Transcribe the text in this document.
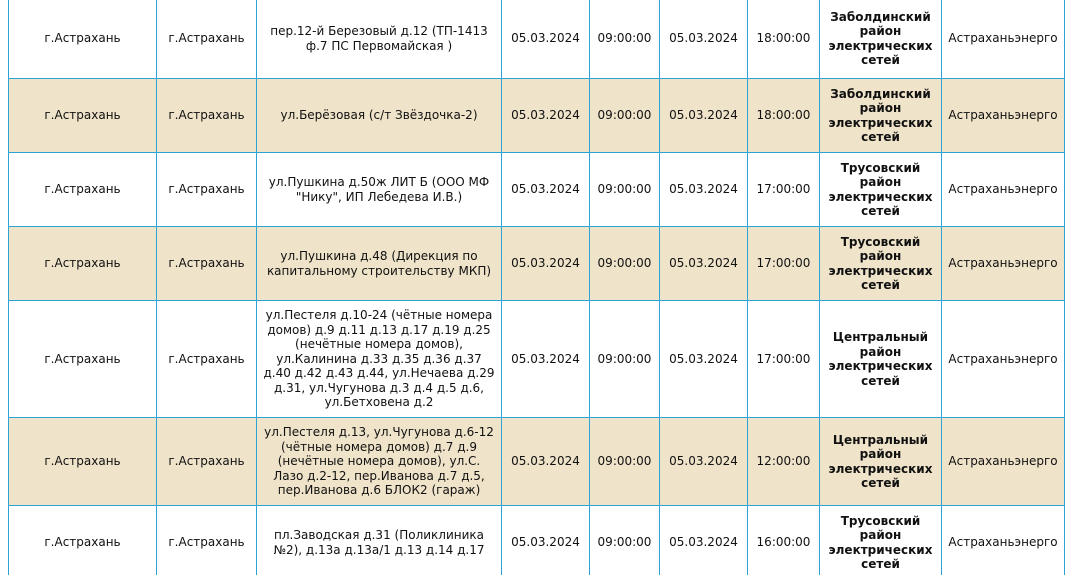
г.Астрахань	г.Астрахань	пер.12-й Березовый д.12 (ТП-1413 ф.7 ПС Первомайская )	05.03.2024	09:00:00	05.03.2024	18:00:00	Заболдинский район электрических сетей	Астраханьэнерго
г.Астрахань	г.Астрахань	ул.Берёзовая (с/т Звёздочка-2)	05.03.2024	09:00:00	05.03.2024	18:00:00	Заболдинский район электрических сетей	Астраханьэнерго
г.Астрахань	г.Астрахань	ул.Пушкина д.50ж ЛИТ Б (ООО МФ "Нику", ИП Лебедева И.В.)	05.03.2024	09:00:00	05.03.2024	17:00:00	Трусовский район электрических сетей	Астраханьэнерго
г.Астрахань	г.Астрахань	ул.Пушкина д.48 (Дирекция по капитальному строительству МКП)	05.03.2024	09:00:00	05.03.2024	17:00:00	Трусовский район электрических сетей	Астраханьэнерго
г.Астрахань	г.Астрахань	ул.Пестеля д.10-24 (чётные номера домов) д.9 д.11 д.13 д.17 д.19 д.25 (нечётные номера домов), ул.Калинина д.33 д.35 д.36 д.37 д.40 д.42 д.43 д.44, ул.Нечаева д.29 д.31, ул.Чугунова д.3 д.4 д.5 д.6, ул.Бетховена д.2	05.03.2024	09:00:00	05.03.2024	17:00:00	Центральный район электрических сетей	Астраханьэнерго
г.Астрахань	г.Астрахань	ул.Пестеля д.13, ул.Чугунова д.6-12 (чётные номера домов) д.7 д.9 (нечётные номера домов), ул.С. Лазо д.2-12, пер.Иванова д.7 д.5, пер.Иванова д.6 БЛОК2 (гараж)	05.03.2024	09:00:00	05.03.2024	12:00:00	Центральный район электрических сетей	Астраханьэнерго
г.Астрахань	г.Астрахань	пл.Заводская д.31 (Поликлиника №2), д.13а д.13а/1 д.13 д.14 д.17	05.03.2024	09:00:00	05.03.2024	16:00:00	Трусовский район электрических сетей	Астраханьэнерго
